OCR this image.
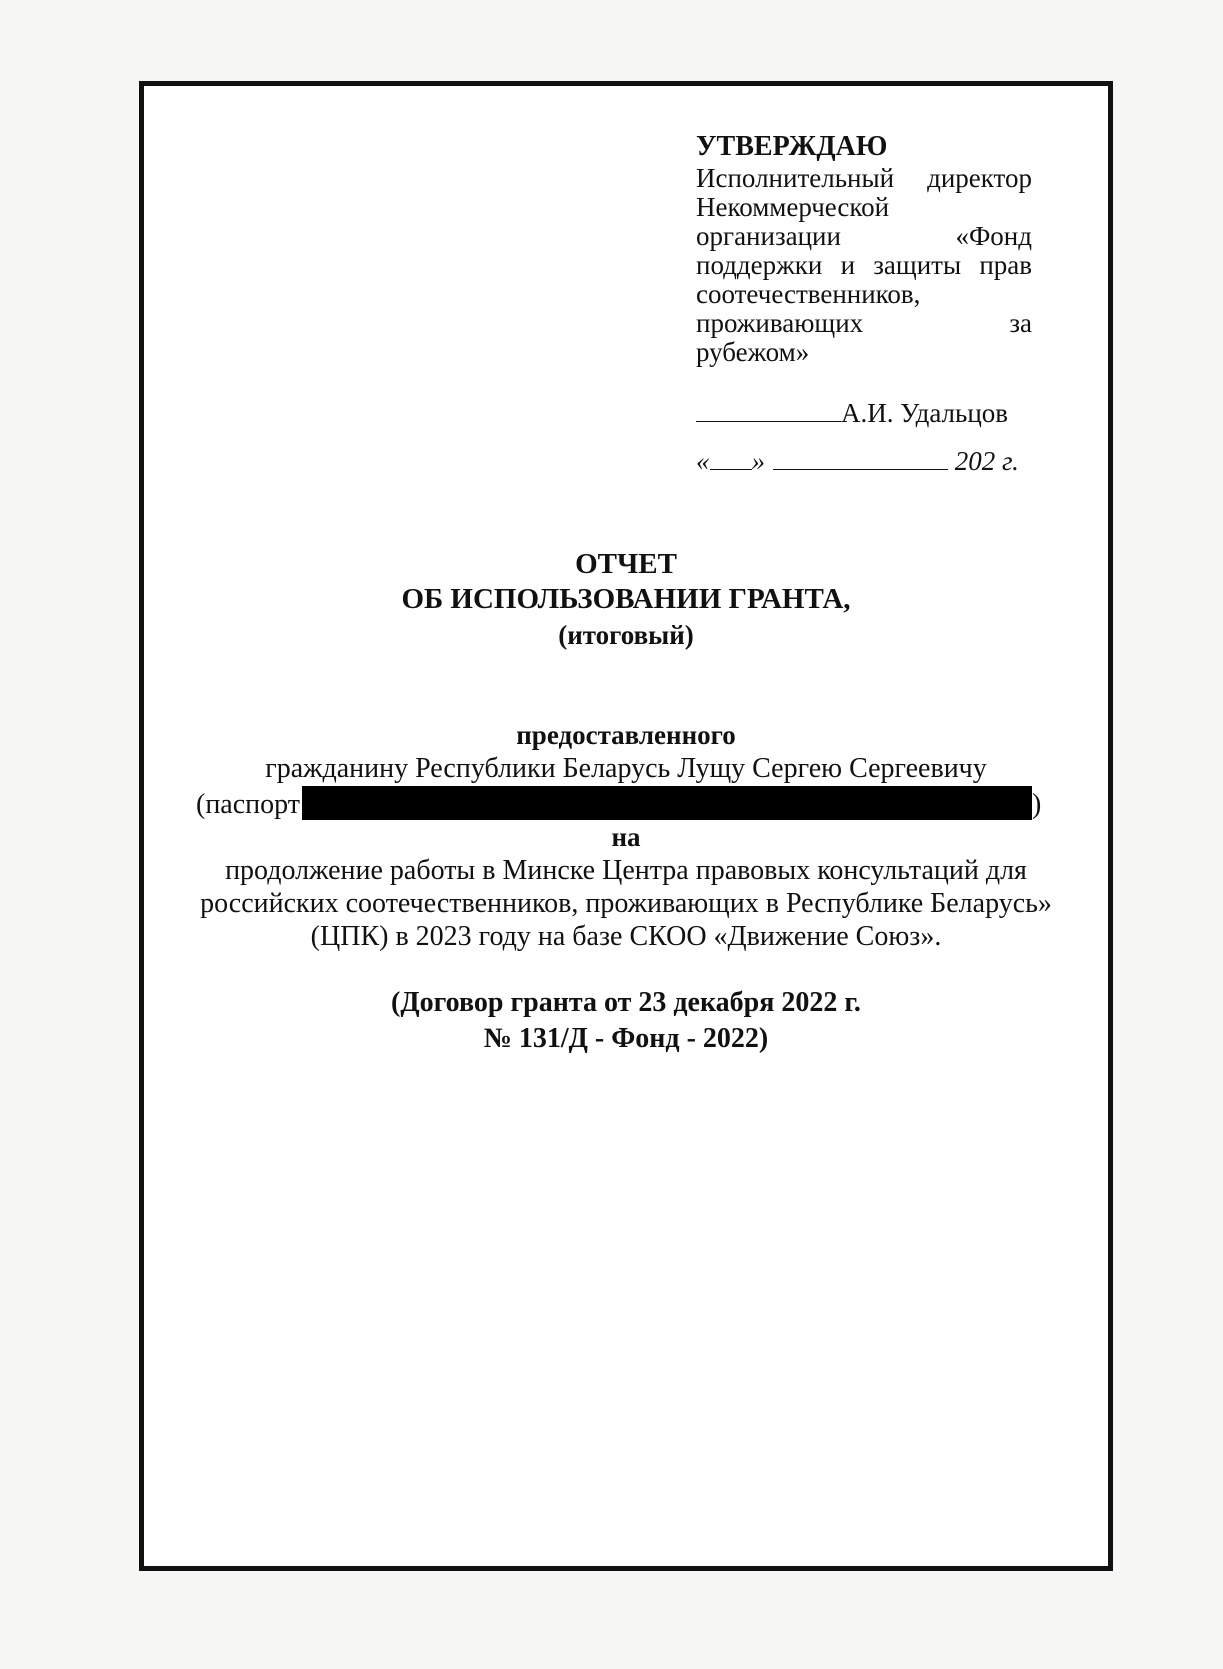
УТВЕРЖДАЮ
Исполнительный директор
Некоммерческой
организации «Фонд
поддержки и защиты прав
соотечественников,
проживающих за
рубежом»
А.И. Удальцов
« »	202 г.
ОТЧЕТ
ОБ ИСПОЛЬЗОВАНИИ ГРАНТА,
(итоговый)
предоставленного
гражданину Республики Беларусь Лущу Сергею Сергеевичу
(паспорт	)
на
продолжение работы в Минске Центра правовых консультаций для
российских соотечественников, проживающих в Республике Беларусь»
(ЦПК) в 2023 году на базе СКОО «Движение Союз».
(Договор гранта от 23 декабря 2022 г.
№ 131/Д - Фонд - 2022)
